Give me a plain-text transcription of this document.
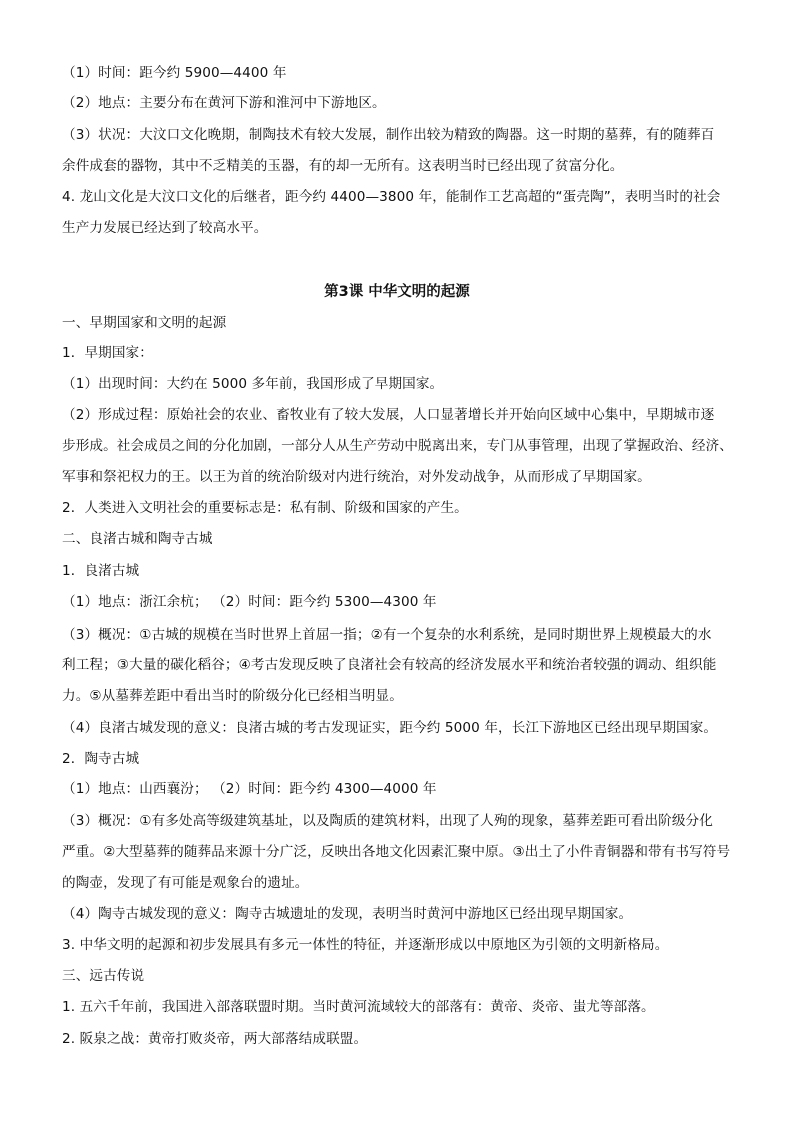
（1）时间：距今约 5900—4400 年
（2）地点：主要分布在黄河下游和淮河中下游地区。
（3）状况：大汶口文化晚期，制陶技术有较大发展，制作出较为精致的陶器。这一时期的墓葬，有的随葬百
余件成套的器物，其中不乏精美的玉器，有的却一无所有。这表明当时已经出现了贫富分化。
4. 龙山文化是大汶口文化的后继者，距今约 4400—3800 年，能制作工艺高超的“蛋壳陶”，表明当时的社会
生产力发展已经达到了较高水平。
第3课 中华文明的起源
一、早期国家和文明的起源
1．早期国家：
（1）出现时间：大约在 5000 多年前，我国形成了早期国家。
（2）形成过程：原始社会的农业、畜牧业有了较大发展，人口显著增长并开始向区域中心集中，早期城市逐
步形成。社会成员之间的分化加剧，一部分人从生产劳动中脱离出来，专门从事管理，出现了掌握政治、经济、
军事和祭祀权力的王。以王为首的统治阶级对内进行统治，对外发动战争，从而形成了早期国家。
2．人类进入文明社会的重要标志是：私有制、阶级和国家的产生。
二、良渚古城和陶寺古城
1．良渚古城
（1）地点：浙江余杭； （2）时间：距今约 5300—4300 年
（3）概况：①古城的规模在当时世界上首屈一指；②有一个复杂的水利系统，是同时期世界上规模最大的水
利工程；③大量的碳化稻谷；④考古发现反映了良渚社会有较高的经济发展水平和统治者较强的调动、组织能
力。⑤从墓葬差距中看出当时的阶级分化已经相当明显。
（4）良渚古城发现的意义：良渚古城的考古发现证实，距今约 5000 年，长江下游地区已经出现早期国家。
2．陶寺古城
（1）地点：山西襄汾； （2）时间：距今约 4300—4000 年
（3）概况：①有多处高等级建筑基址，以及陶质的建筑材料，出现了人殉的现象，墓葬差距可看出阶级分化
严重。②大型墓葬的随葬品来源十分广泛，反映出各地文化因素汇聚中原。③出土了小件青铜器和带有书写符号
的陶壶，发现了有可能是观象台的遗址。
（4）陶寺古城发现的意义：陶寺古城遗址的发现，表明当时黄河中游地区已经出现早期国家。
3. 中华文明的起源和初步发展具有多元一体性的特征，并逐渐形成以中原地区为引领的文明新格局。
三、远古传说
1. 五六千年前，我国进入部落联盟时期。当时黄河流域较大的部落有：黄帝、炎帝、蚩尤等部落。
2. 阪泉之战：黄帝打败炎帝，两大部落结成联盟。
